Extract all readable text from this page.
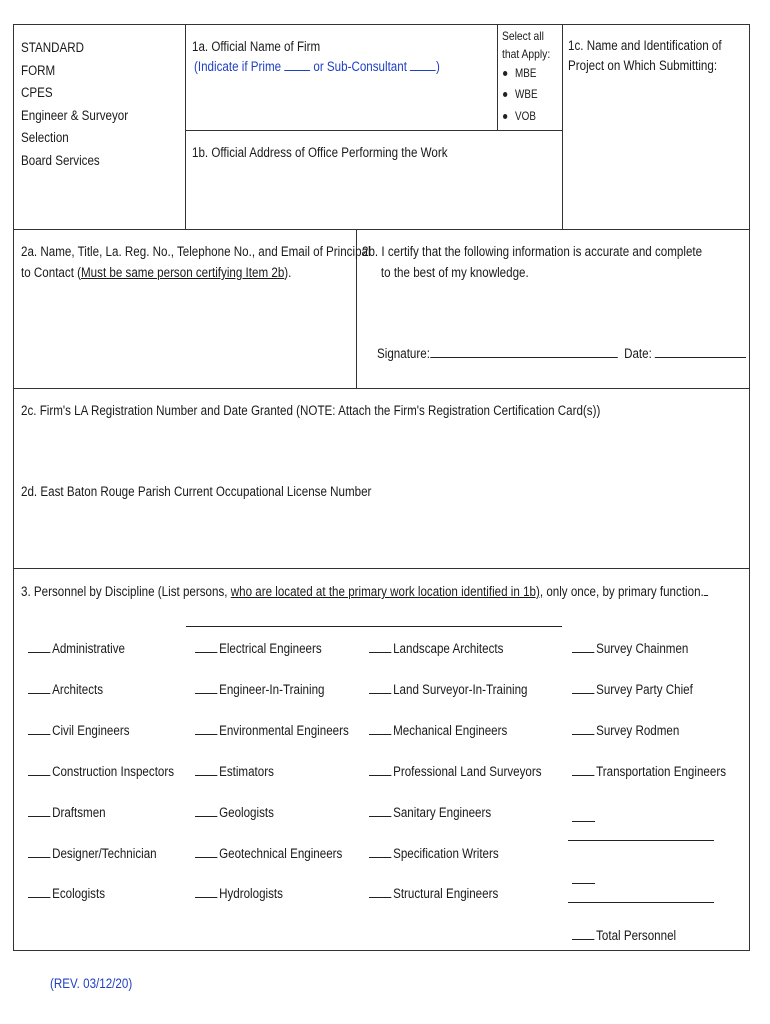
STANDARD
FORM
CPES
Engineer & Surveyor
Selection
Board Services
1a. Official Name of Firm
(Indicate if Prime  or Sub-Consultant )
Select all
that Apply:
MBE
WBE
VOB
1c. Name and Identification of
Project on Which Submitting:
1b. Official Address of Office Performing the Work
2a. Name, Title, La. Reg. No., Telephone No., and Email of Principal
to Contact (Must be same person certifying Item 2b).
2b. I certify that the following information is accurate and complete
to the best of my knowledge.
Signature:	Date:
2c. Firm's LA Registration Number and Date Granted (NOTE: Attach the Firm's Registration Certification Card(s))
2d. East Baton Rouge Parish Current Occupational License Number
3. Personnel by Discipline (List persons, who are located at the primary work location identified in 1b), only once, by primary function.
Administrative
Architects
Civil Engineers
Construction Inspectors
Draftsmen
Designer/Technician
Ecologists
Electrical Engineers
Engineer-In-Training
Environmental Engineers
Estimators
Geologists
Geotechnical Engineers
Hydrologists
Landscape Architects
Land Surveyor-In-Training
Mechanical Engineers
Professional Land Surveyors
Sanitary Engineers
Specification Writers
Structural Engineers
Survey Chainmen
Survey Party Chief
Survey Rodmen
Transportation Engineers
Total Personnel
(REV. 03/12/20)
